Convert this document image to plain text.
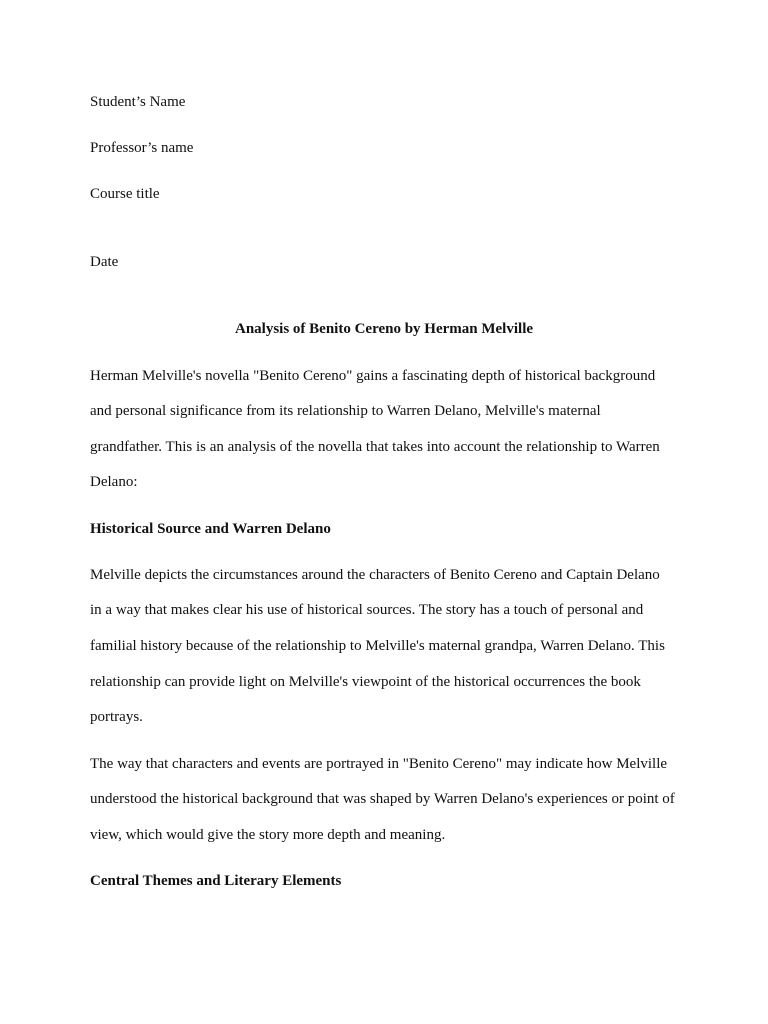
Student’s Name
Professor’s name
Course title
Date
Analysis of Benito Cereno by Herman Melville
Herman Melville's novella "Benito Cereno" gains a fascinating depth of historical background
and personal significance from its relationship to Warren Delano, Melville's maternal
grandfather. This is an analysis of the novella that takes into account the relationship to Warren
Delano:
Historical Source and Warren Delano
Melville depicts the circumstances around the characters of Benito Cereno and Captain Delano
in a way that makes clear his use of historical sources. The story has a touch of personal and
familial history because of the relationship to Melville's maternal grandpa, Warren Delano. This
relationship can provide light on Melville's viewpoint of the historical occurrences the book
portrays.
The way that characters and events are portrayed in "Benito Cereno" may indicate how Melville
understood the historical background that was shaped by Warren Delano's experiences or point of
view, which would give the story more depth and meaning.
Central Themes and Literary Elements
